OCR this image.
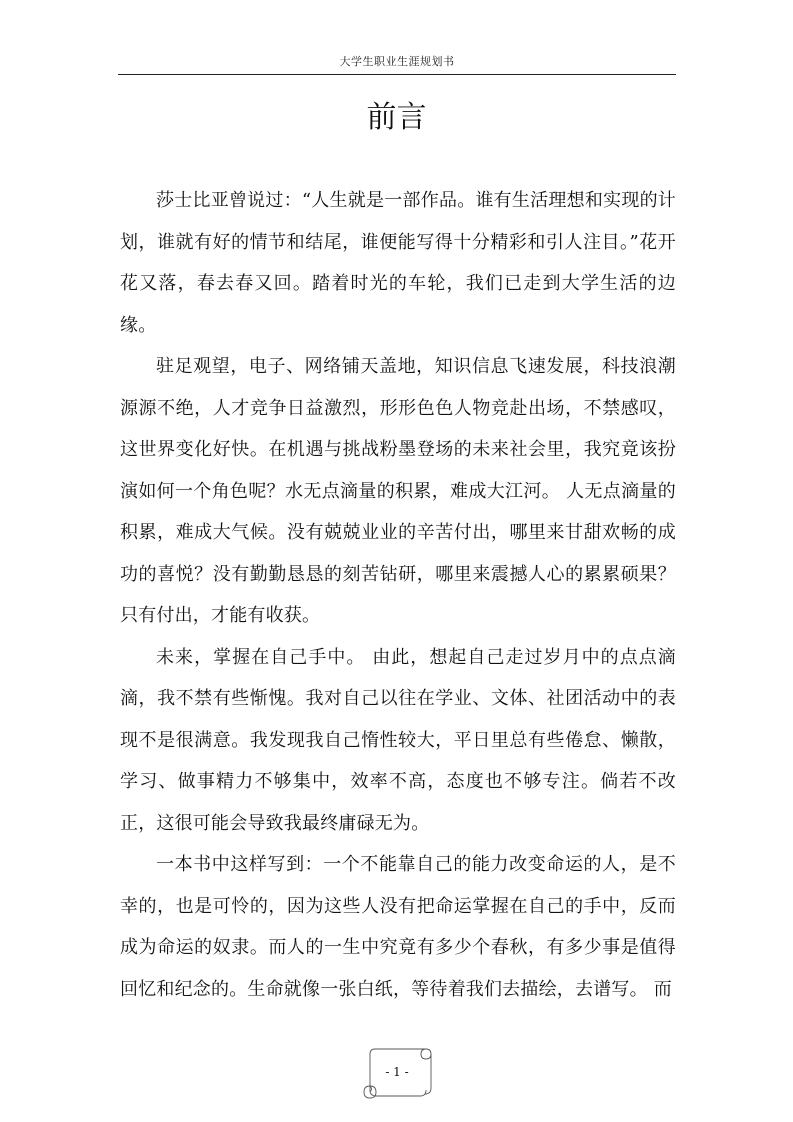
大学生职业生涯规划书
前言

莎士比亚曾说过：“人生就是一部作品。谁有生活理想和实现的计划，谁就有好的情节和结尾，谁便能写得十分精彩和引人注目。”花开花又落，春去春又回。踏着时光的车轮，我们已走到大学生活的边缘。

驻足观望，电子、网络铺天盖地，知识信息飞速发展，科技浪潮源源不绝，人才竞争日益激烈，形形色色人物竞赴出场，不禁感叹，这世界变化好快。在机遇与挑战粉墨登场的未来社会里，我究竟该扮演如何一个角色呢？水无点滴量的积累，难成大江河。 人无点滴量的积累，难成大气候。没有兢兢业业的辛苦付出，哪里来甘甜欢畅的成功的喜悦？没有勤勤恳恳的刻苦钻研，哪里来震撼人心的累累硕果？只有付出，才能有收获。

未来，掌握在自己手中。 由此，想起自己走过岁月中的点点滴滴，我不禁有些惭愧。我对自己以往在学业、文体、社团活动中的表现不是很满意。我发现我自己惰性较大，平日里总有些倦怠、懒散，学习、做事精力不够集中，效率不高，态度也不够专注。倘若不改正，这很可能会导致我最终庸碌无为。

一本书中这样写到：一个不能靠自己的能力改变命运的人，是不幸的，也是可怜的，因为这些人没有把命运掌握在自己的手中，反而成为命运的奴隶。而人的一生中究竟有多少个春秋，有多少事是值得回忆和纪念的。生命就像一张白纸，等待着我们去描绘，去谱写。 而

- 1 -
